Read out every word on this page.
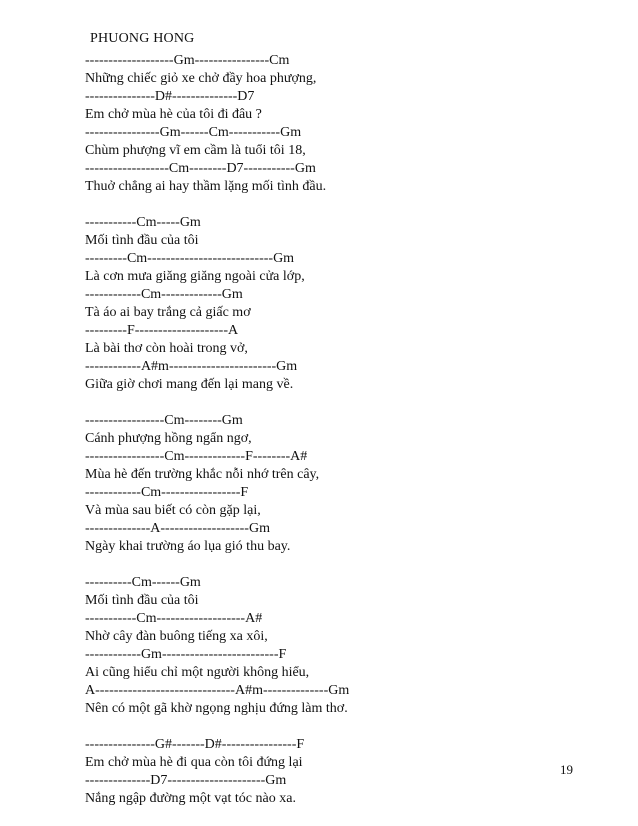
PHUONG HONG
-------------------Gm----------------Cm
Những chiếc giỏ xe chở đầy hoa phượng,
---------------D#--------------D7
Em chở mùa hè của tôi đi đâu ?
----------------Gm------Cm-----------Gm
Chùm phượng vĩ em cầm là tuổi tôi 18,
------------------Cm--------D7-----------Gm
Thuở chẳng ai hay thầm lặng mối tình đầu.
-----------Cm-----Gm
Mối tình đầu của tôi
---------Cm---------------------------Gm
Là cơn mưa giăng giăng ngoài cửa lớp,
------------Cm-------------Gm
Tà áo ai bay trắng cả giấc mơ
---------F--------------------A
Là bài thơ còn hoài trong vở,
------------A#m-----------------------Gm
Giữa giờ chơi mang đến lại mang về.
-----------------Cm--------Gm
Cánh phượng hồng ngẩn ngơ,
-----------------Cm-------------F--------A#
Mùa hè đến trường khắc nỗi nhớ trên cây,
------------Cm-----------------F
Và mùa sau biết có còn gặp lại,
--------------A-------------------Gm
Ngày khai trường áo lụa gió thu bay.
----------Cm------Gm
Mối tình đầu của tôi
-----------Cm-------------------A#
Nhờ cây đàn buông tiếng xa xôi,
------------Gm-------------------------F
Ai cũng hiểu chỉ một người không hiểu,
A------------------------------A#m--------------Gm
Nên có một gã khờ ngọng nghịu đứng làm thơ.
---------------G#-------D#----------------F
Em chở mùa hè đi qua còn tôi đứng lại
--------------D7---------------------Gm
Nắng ngập đường một vạt tóc nào xa.
19
